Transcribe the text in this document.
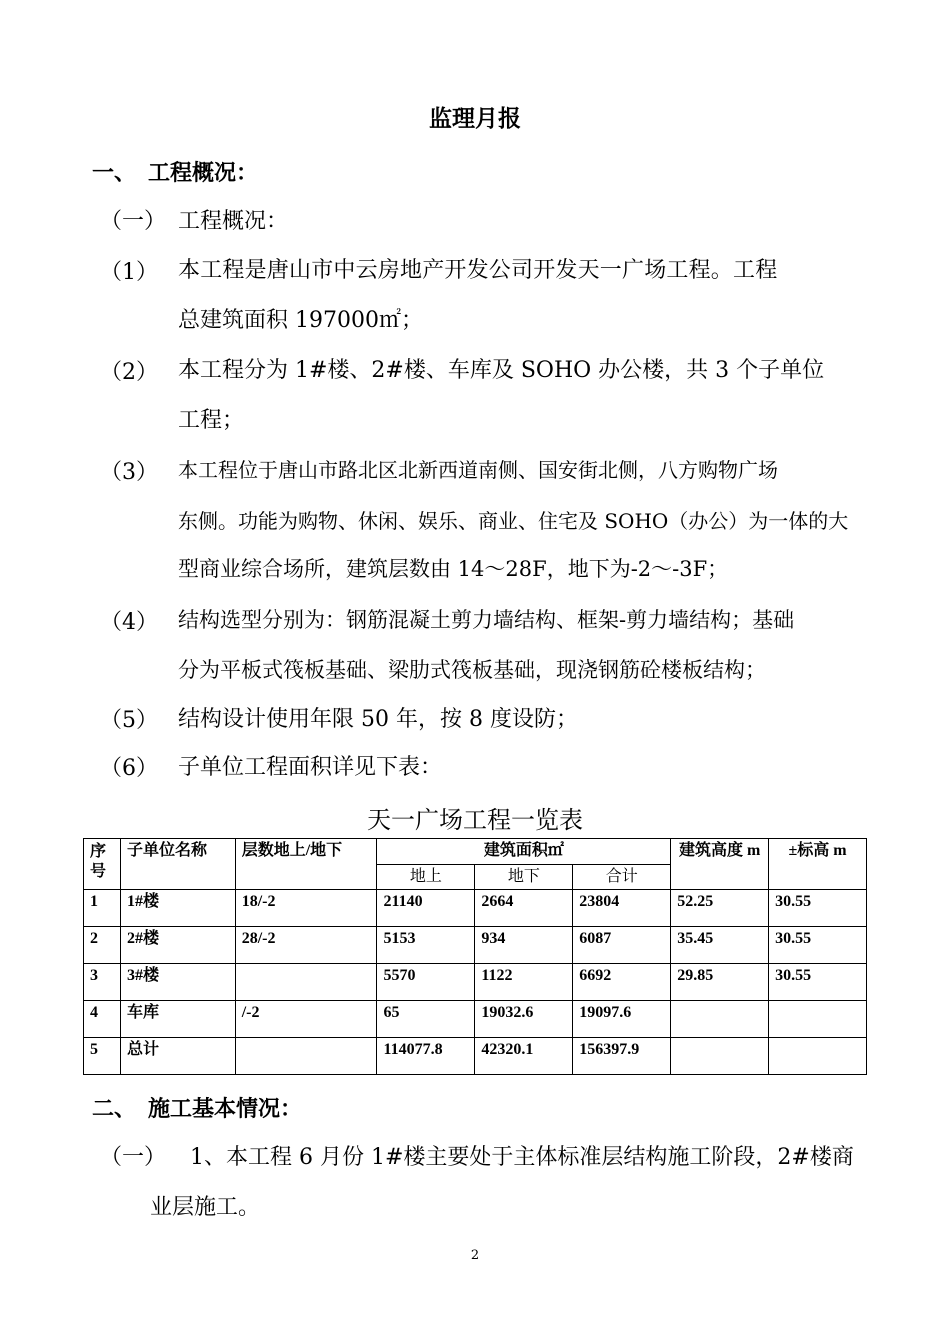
监理月报
一、 工程概况：
（一） 工程概况：
（1） 本工程是唐山市中云房地产开发公司开发天一广场工程。工程
总建筑面积 197000㎡；
（2） 本工程分为 1#楼、2#楼、车库及 SOHO 办公楼，共 3 个子单位
工程；
（3） 本工程位于唐山市路北区北新西道南侧、国安街北侧，八方购物广场
东侧。功能为购物、休闲、娱乐、商业、住宅及 SOHO（办公）为一体的大
型商业综合场所，建筑层数由 14～28F，地下为-2～-3F；
（4） 结构选型分别为：钢筋混凝土剪力墙结构、框架-剪力墙结构；基础
分为平板式筏板基础、梁肋式筏板基础，现浇钢筋砼楼板结构；
（5） 结构设计使用年限 50 年，按 8 度设防；
（6） 子单位工程面积详见下表：
天一广场工程一览表
序号	子单位名称	层数地上/地下	建筑面积㎡			建筑高度 m	±标高 m
			地上	地下	合计		
1	1#楼	18/-2	21140	2664	23804	52.25	30.55
2	2#楼	28/-2	5153	934	6087	35.45	30.55
3	3#楼		5570	1122	6692	29.85	30.55
4	车库	/-2	65	19032.6	19097.6		
5	总计		114077.8	42320.1	156397.9		
二、 施工基本情况：
（一） 1、本工程 6 月份 1#楼主要处于主体标准层结构施工阶段，2#楼商
业层施工。
2
